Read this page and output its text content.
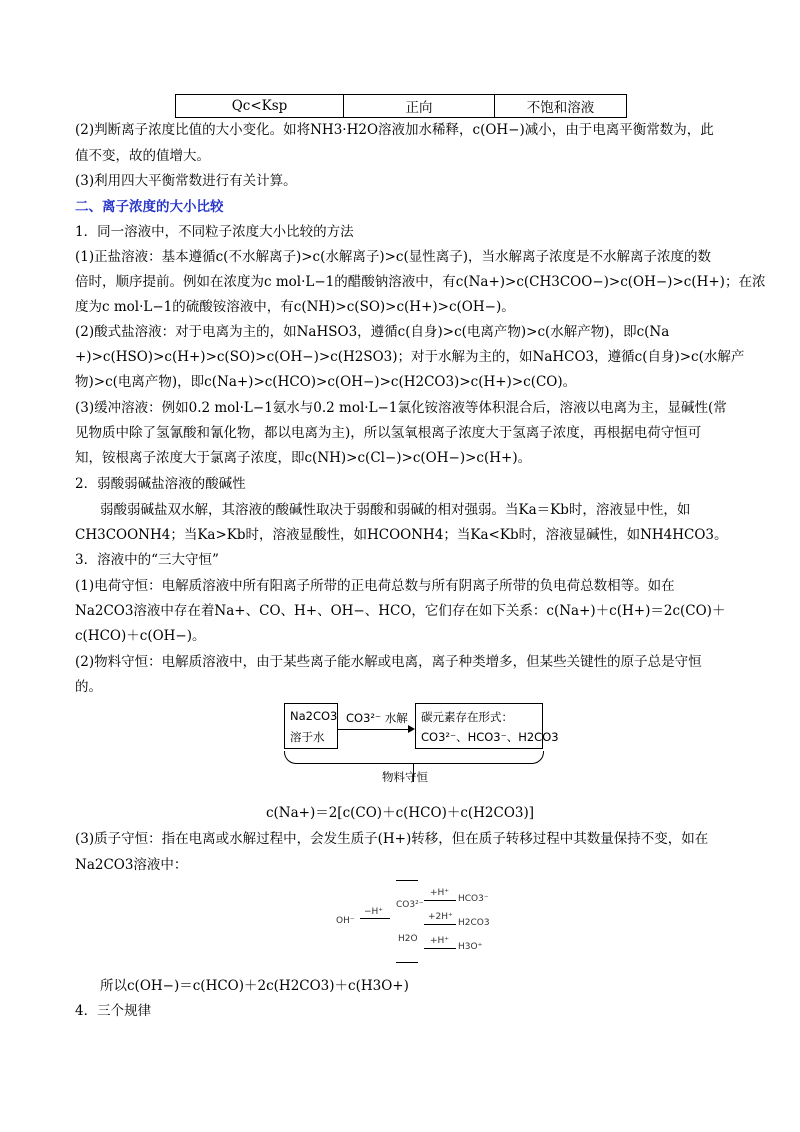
Qc<Ksp	正向	不饱和溶液
(2)判断离子浓度比值的大小变化。如将NH3·H2O溶液加水稀释，c(OH−)减小，由于电离平衡常数为，此
值不变，故的值增大。
(3)利用四大平衡常数进行有关计算。
二、离子浓度的大小比较
1．同一溶液中，不同粒子浓度大小比较的方法
(1)正盐溶液：基本遵循c(不水解离子)>c(水解离子)>c(显性离子)，当水解离子浓度是不水解离子浓度的数
倍时，顺序提前。例如在浓度为c mol·L−1的醋酸钠溶液中，有c(Na+)>c(CH3COO−)>c(OH−)>c(H+)；在浓
度为c mol·L−1的硫酸铵溶液中，有c(NH)>c(SO)>c(H+)>c(OH−)。
(2)酸式盐溶液：对于电离为主的，如NaHSO3，遵循c(自身)>c(电离产物)>c(水解产物)，即c(Na
+)>c(HSO)>c(H+)>c(SO)>c(OH−)>c(H2SO3)；对于水解为主的，如NaHCO3，遵循c(自身)>c(水解产
物)>c(电离产物)，即c(Na+)>c(HCO)>c(OH−)>c(H2CO3)>c(H+)>c(CO)。
(3)缓冲溶液：例如0.2 mol·L−1氨水与0.2 mol·L−1氯化铵溶液等体积混合后，溶液以电离为主，显碱性(常
见物质中除了氢氰酸和氰化物，都以电离为主)，所以氢氧根离子浓度大于氢离子浓度，再根据电荷守恒可
知，铵根离子浓度大于氯离子浓度，即c(NH)>c(Cl−)>c(OH−)>c(H+)。
2．弱酸弱碱盐溶液的酸碱性
弱酸弱碱盐双水解，其溶液的酸碱性取决于弱酸和弱碱的相对强弱。当Ka＝Kb时，溶液显中性，如
CH3COONH4；当Ka>Kb时，溶液显酸性，如HCOONH4；当Ka<Kb时，溶液显碱性，如NH4HCO3。
3．溶液中的“三大守恒”
(1)电荷守恒：电解质溶液中所有阳离子所带的正电荷总数与所有阴离子所带的负电荷总数相等。如在
Na2CO3溶液中存在着Na+、CO、H+、OH−、HCO，它们存在如下关系：c(Na+)＋c(H+)＝2c(CO)＋
c(HCO)＋c(OH−)。
(2)物料守恒：电解质溶液中，由于某些离子能水解或电离，离子种类增多，但某些关键性的原子总是守恒
的。
Na2CO3
溶于水
CO3²⁻ 水解 碳元素存在形式：
CO3²⁻、HCO3⁻、H2CO3
物料守恒
c(Na+)＝2[c(CO)＋c(HCO)＋c(H2CO3)]
(3)质子守恒：指在电离或水解过程中，会发生质子(H+)转移，但在质子转移过程中其数量保持不变，如在
Na2CO3溶液中：
OH⁻
−H⁺
CO3²⁻
H2O
+H⁺
HCO3⁻
+2H⁺
H2CO3
+H⁺
H3O⁺
所以c(OH−)＝c(HCO)＋2c(H2CO3)＋c(H3O+)
4．三个规律
